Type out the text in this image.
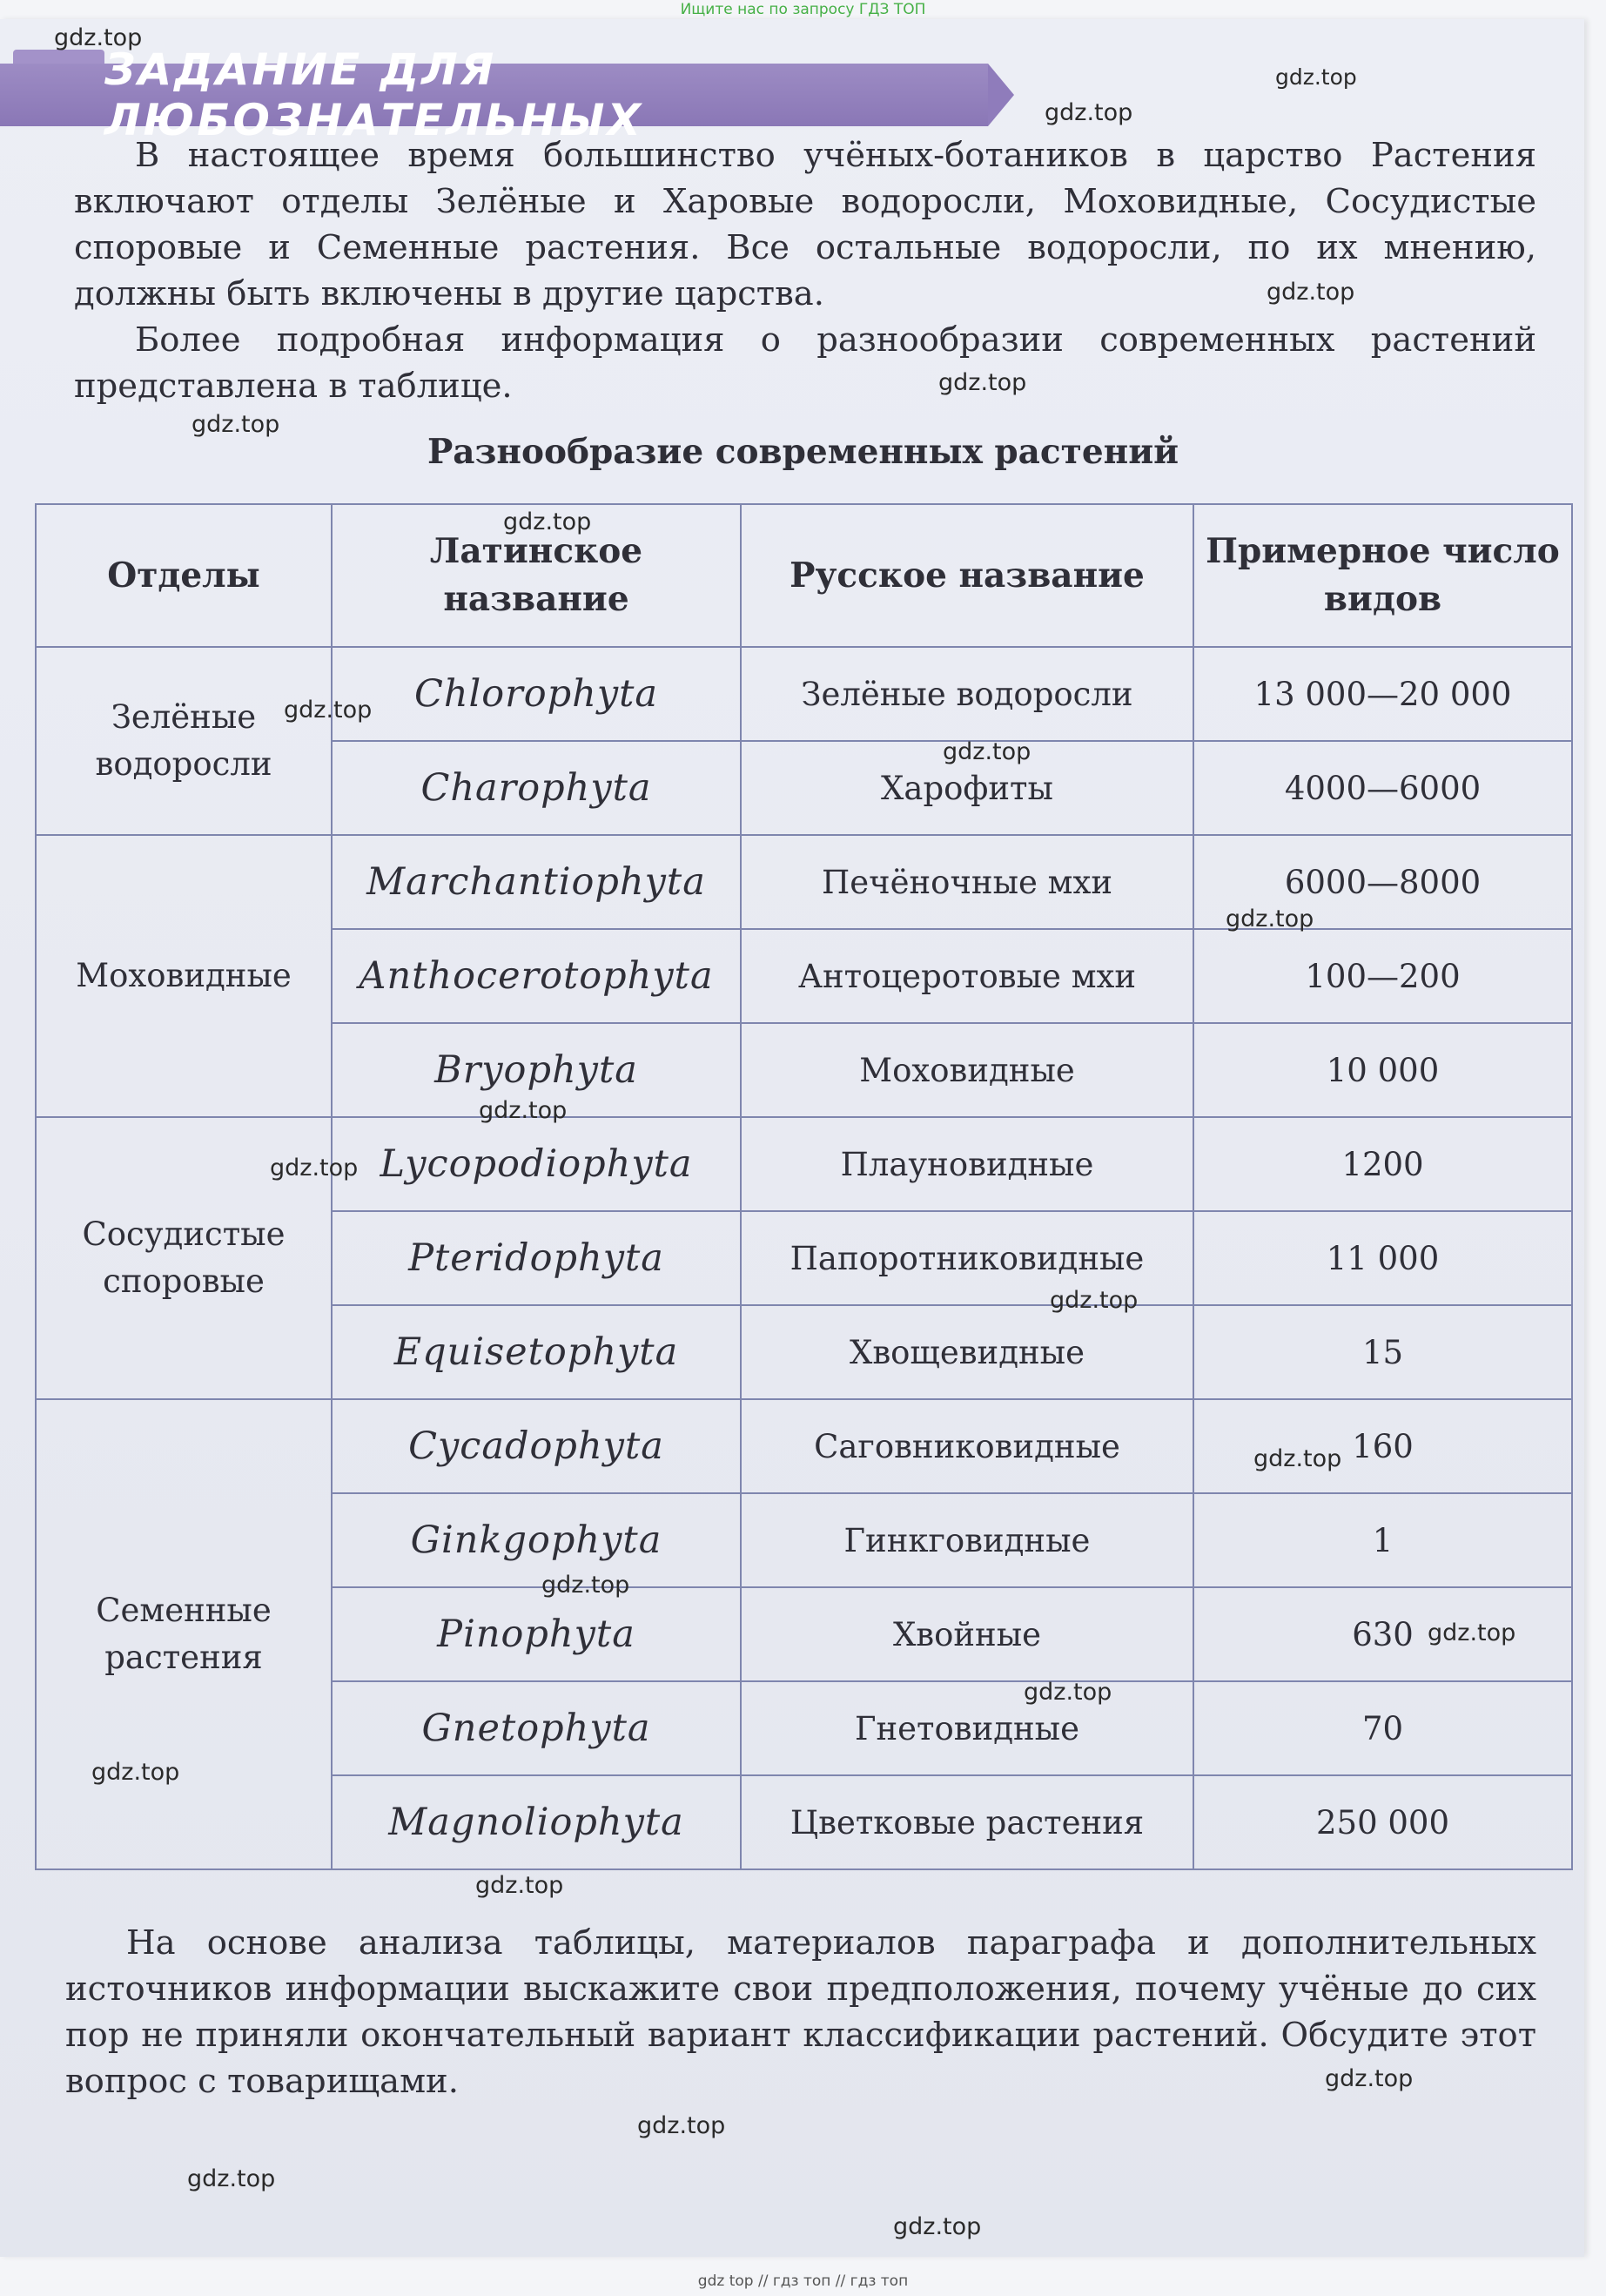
Ищите нас по запросу ГДЗ ТОП
ЗАДАНИЕ ДЛЯ ЛЮБОЗНАТЕЛЬНЫХ
В настоящее время большинство учёных-ботаников в царство Растения включают отделы Зелёные и Харовые водоросли, Моховидные, Сосудистые споровые и Семенные растения. Все остальные водоросли, по их мнению, должны быть включены в другие царства.
Более подробная информация о разнообразии современных растений представлена в таблице.
Разнообразие современных растений
Отделы	Латинское название	Русское название	Примерное число видов
Зелёные водоросли	Chlorophyta	Зелёные водоросли	13 000—20 000
	Charophyta	Харофиты	4000—6000
Моховидные	Marchantiophyta	Печёночные мхи	6000—8000
	Anthocerotophyta	Антоцеротовые мхи	100—200
	Bryophyta	Моховидные	10 000
Сосудистые споровые	Lycopodiophyta	Плауновидные	1200
	Pteridophyta	Папоротниковидные	11 000
	Equisetophyta	Хвощевидные	15
Семенные растения	Cycadophyta	Саговниковидные	160
	Ginkgophyta	Гинкговидные	1
	Pinophyta	Хвойные	630
	Gnetophyta	Гнетовидные	70
	Magnoliophyta	Цветковые растения	250 000
На основе анализа таблицы, материалов параграфа и дополнительных источников информации выскажите свои предположения, почему учёные до сих пор не приняли окончательный вариант классификации растений. Обсудите этот вопрос с товарищами.
gdz.top
gdz.top
gdz.top
gdz.top
gdz.top
gdz.top
gdz.top
gdz.top
gdz.top
gdz.top
gdz.top
gdz.top
gdz.top
gdz.top
gdz.top
gdz.top
gdz.top
gdz.top
gdz.top
gdz.top
gdz.top
gdz.top
gdz.top
gdz top // гдз топ // гдз топ
